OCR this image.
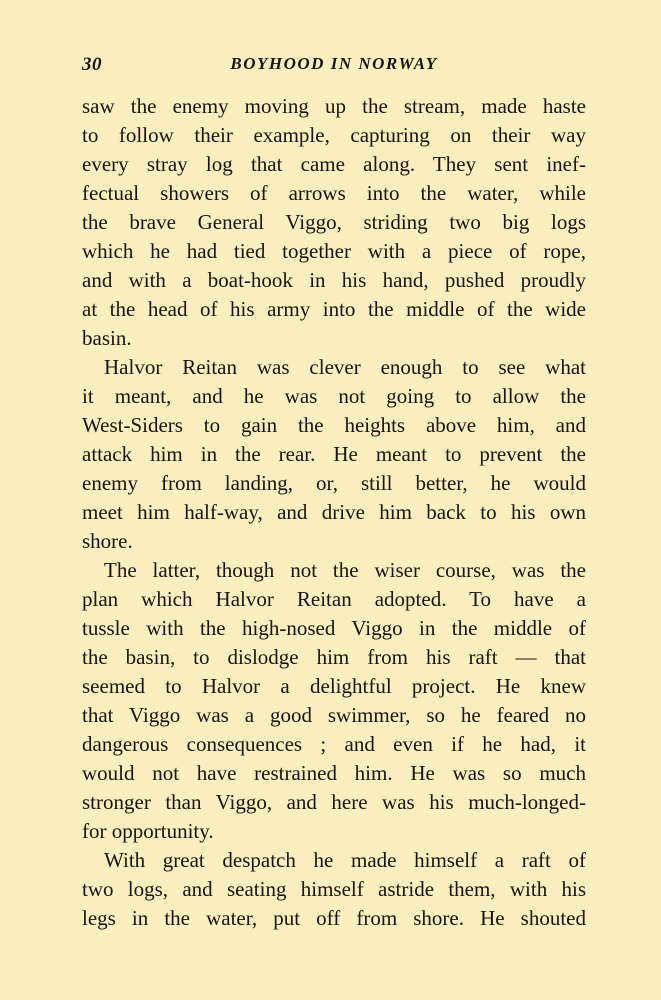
30	BOYHOOD IN NORWAY
saw the enemy moving up the stream, made haste
to follow their example, capturing on their way
every stray log that came along. They sent inef-
fectual showers of arrows into the water, while
the brave General Viggo, striding two big logs
which he had tied together with a piece of rope,
and with a boat-hook in his hand, pushed proudly
at the head of his army into the middle of the wide
basin.
Halvor Reitan was clever enough to see what
it meant, and he was not going to allow the
West-Siders to gain the heights above him, and
attack him in the rear. He meant to prevent the
enemy from landing, or, still better, he would
meet him half-way, and drive him back to his own
shore.
The latter, though not the wiser course, was the
plan which Halvor Reitan adopted. To have a
tussle with the high-nosed Viggo in the middle of
the basin, to dislodge him from his raft — that
seemed to Halvor a delightful project. He knew
that Viggo was a good swimmer, so he feared no
dangerous consequences ; and even if he had, it
would not have restrained him. He was so much
stronger than Viggo, and here was his much-longed-
for opportunity.
With great despatch he made himself a raft of
two logs, and seating himself astride them, with his
legs in the water, put off from shore. He shouted
